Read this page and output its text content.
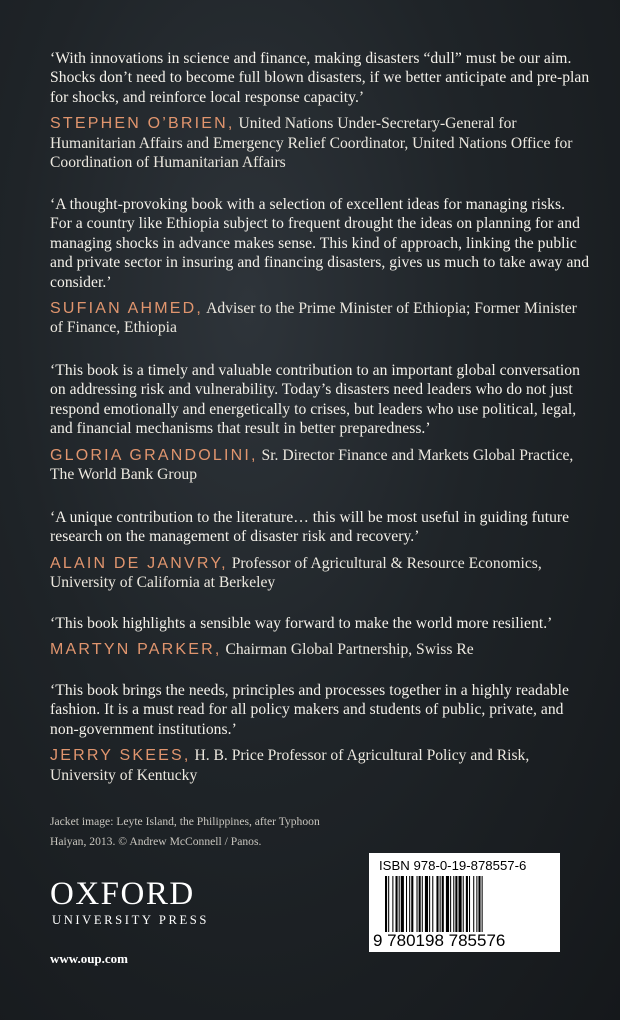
‘With innovations in science and finance, making disasters “dull” must be our aim. Shocks don’t need to become full blown disasters, if we better anticipate and pre-plan for shocks, and reinforce local response capacity.’

STEPHEN O’BRIEN, United Nations Under-Secretary-General for Humanitarian Affairs and Emergency Relief Coordinator, United Nations Office for Coordination of Humanitarian Affairs

‘A thought-provoking book with a selection of excellent ideas for managing risks. For a country like Ethiopia subject to frequent drought the ideas on planning for and managing shocks in advance makes sense. This kind of approach, linking the public and private sector in insuring and financing disasters, gives us much to take away and consider.’

SUFIAN AHMED, Adviser to the Prime Minister of Ethiopia; Former Minister of Finance, Ethiopia

‘This book is a timely and valuable contribution to an important global conversation on addressing risk and vulnerability. Today’s disasters need leaders who do not just respond emotionally and energetically to crises, but leaders who use political, legal, and financial mechanisms that result in better preparedness.’

GLORIA GRANDOLINI, Sr. Director Finance and Markets Global Practice, The World Bank Group

‘A unique contribution to the literature… this will be most useful in guiding future research on the management of disaster risk and recovery.’

ALAIN DE JANVRY, Professor of Agricultural & Resource Economics, University of California at Berkeley

‘This book highlights a sensible way forward to make the world more resilient.’

MARTYN PARKER, Chairman Global Partnership, Swiss Re

‘This book brings the needs, principles and processes together in a highly readable fashion. It is a must read for all policy makers and students of public, private, and non-government institutions.’

JERRY SKEES, H. B. Price Professor of Agricultural Policy and Risk, University of Kentucky

Jacket image: Leyte Island, the Philippines, after Typhoon Haiyan, 2013. © Andrew McConnell / Panos.
OXFORD
UNIVERSITY PRESS
www.oup.com
ISBN 978-0-19-878557-6
9 780198 785576
